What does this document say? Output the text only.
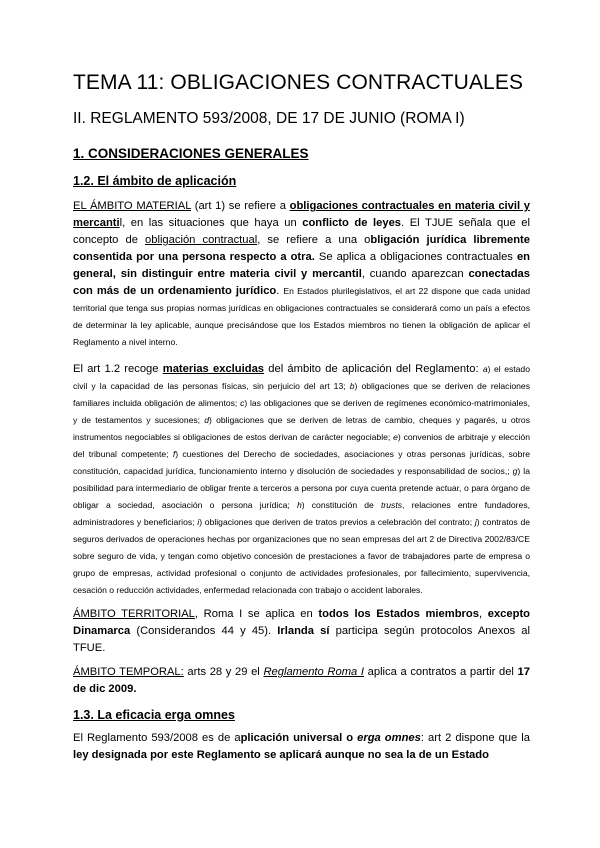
TEMA 11: OBLIGACIONES CONTRACTUALES
II. REGLAMENTO 593/2008, DE 17 DE JUNIO (ROMA I)
1. CONSIDERACIONES GENERALES
1.2. El ámbito de aplicación

EL ÁMBITO MATERIAL (art 1) se refiere a obligaciones contractuales en materia civil y mercantil, en las situaciones que haya un conflicto de leyes. El TJUE señala que el concepto de obligación contractual, se refiere a una obligación jurídica libremente consentida por una persona respecto a otra. Se aplica a obligaciones contractuales en general, sin distinguir entre materia civil y mercantil, cuando aparezcan conectadas con más de un ordenamiento jurídico. En Estados plurilegislativos, el art 22 dispone que cada unidad territorial que tenga sus propias normas jurídicas en obligaciones contractuales se considerará como un país a efectos de determinar la ley aplicable, aunque precisándose que los Estados miembros no tienen la obligación de aplicar el Reglamento a nivel interno.

El art 1.2 recoge materias excluidas del ámbito de aplicación del Reglamento: a) el estado civil y la capacidad de las personas físicas, sin perjuicio del art 13; b) obligaciones que se deriven de relaciones familiares incluida obligación de alimentos; c) las obligaciones que se deriven de regímenes económico-matrimoniales, y de testamentos y sucesiones; d) obligaciones que se deriven de letras de cambio, cheques y pagarés, u otros instrumentos negociables si obligaciones de estos derivan de carácter negociable; e) convenios de arbitraje y elección del tribunal competente; f) cuestiones del Derecho de sociedades, asociaciones y otras personas jurídicas, sobre constitución, capacidad jurídica, funcionamiento interno y disolución de sociedades y responsabilidad de socios,; g) la posibilidad para intermediario de obligar frente a terceros a persona por cuya cuenta pretende actuar, o para órgano de obligar a sociedad, asociación o persona jurídica; h) constitución de trusts, relaciones entre fundadores, administradores y beneficiarios; i) obligaciones que deriven de tratos previos a celebración del contrato; j) contratos de seguros derivados de operaciones hechas por organizaciones que no sean empresas del art 2 de Directiva 2002/83/CE sobre seguro de vida, y tengan como objetivo concesión de prestaciones a favor de trabajadores parte de empresa o grupo de empresas, actividad profesional o conjunto de actividades profesionales, por fallecimiento, supervivencia, cesación o reducción actividades, enfermedad relacionada con trabajo o accident laborales.

ÁMBITO TERRITORIAL, Roma I se aplica en todos los Estados miembros, excepto Dinamarca (Considerandos 44 y 45). Irlanda sí participa según protocolos Anexos al TFUE.

ÁMBITO TEMPORAL: arts 28 y 29 el Reglamento Roma I aplica a contratos a partir del 17 de dic 2009.

1.3. La eficacia erga omnes

El Reglamento 593/2008 es de aplicación universal o erga omnes: art 2 dispone que la ley designada por este Reglamento se aplicará aunque no sea la de un Estado
